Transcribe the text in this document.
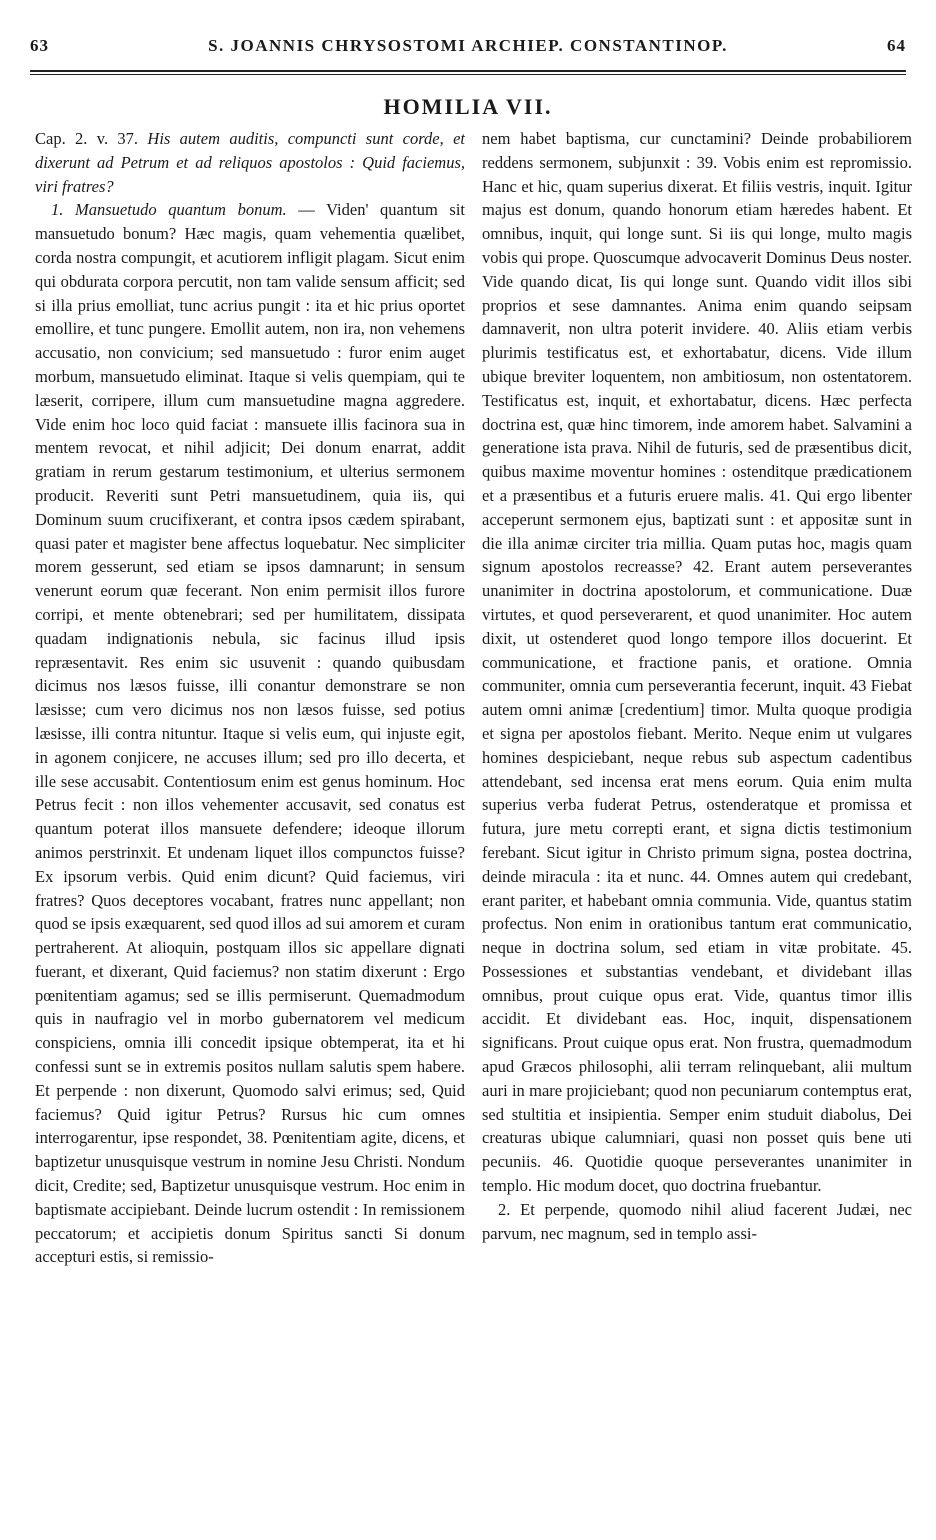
63	S. JOANNIS CHRYSOSTOMI ARCHIEP. CONSTANTINOP.	64
HOMILIA VII.

Cap. 2. v. 37. His autem auditis, compuncti sunt corde, et dixerunt ad Petrum et ad reliquos apostolos : Quid faciemus, viri fratres?

1. Mansuetudo quantum bonum. — Viden' quantum sit mansuetudo bonum? Hæc magis, quam vehementia quælibet, corda nostra compungit, et acutiorem infligit plagam. Sicut enim qui obdurata corpora percutit, non tam valide sensum afficit; sed si illa prius emolliat, tunc acrius pungit : ita et hic prius oportet emollire, et tunc pungere. Emollit autem, non ira, non vehemens accusatio, non convicium; sed mansuetudo : furor enim auget morbum, mansuetudo eliminat. Itaque si velis quempiam, qui te læserit, corripere, illum cum mansuetudine magna aggredere. Vide enim hoc loco quid faciat : mansuete illis facinora sua in mentem revocat, et nihil adjicit; Dei donum enarrat, addit gratiam in rerum gestarum testimonium, et ulterius sermonem producit. Reveriti sunt Petri mansuetudinem, quia iis, qui Dominum suum crucifixerant, et contra ipsos cædem spirabant, quasi pater et magister bene affectus loquebatur. Nec simpliciter morem gesserunt, sed etiam se ipsos damnarunt; in sensum venerunt eorum quæ fecerant. Non enim permisit illos furore corripi, et mente obtenebrari; sed per humilitatem, dissipata quadam indignationis nebula, sic facinus illud ipsis repræsentavit. Res enim sic usuvenit : quando quibusdam dicimus nos læsos fuisse, illi conantur demonstrare se non læsisse; cum vero dicimus nos non læsos fuisse, sed potius læsisse, illi contra nituntur. Itaque si velis eum, qui injuste egit, in agonem conjicere, ne accuses illum; sed pro illo decerta, et ille sese accusabit. Contentiosum enim est genus hominum. Hoc Petrus fecit : non illos vehementer accusavit, sed conatus est quantum poterat illos mansuete defendere; ideoque illorum animos perstrinxit. Et undenam liquet illos compunctos fuisse? Ex ipsorum verbis. Quid enim dicunt? Quid faciemus, viri fratres? Quos deceptores vocabant, fratres nunc appellant; non quod se ipsis exæquarent, sed quod illos ad sui amorem et curam pertraherent. At alioquin, postquam illos sic appellare dignati fuerant, et dixerant, Quid faciemus? non statim dixerunt : Ergo pœnitentiam agamus; sed se illis permiserunt. Quemadmodum quis in naufragio vel in morbo gubernatorem vel medicum conspiciens, omnia illi concedit ipsique obtemperat, ita et hi confessi sunt se in extremis positos nullam salutis spem habere. Et perpende : non dixerunt, Quomodo salvi erimus; sed, Quid faciemus? Quid igitur Petrus? Rursus hic cum omnes interrogarentur, ipse respondet, 38. Pœnitentiam agite, dicens, et baptizetur unusquisque vestrum in nomine Jesu Christi. Nondum dicit, Credite; sed, Baptizetur unusquisque vestrum. Hoc enim in baptismate accipiebant. Deinde lucrum ostendit : In remissionem peccatorum; et accipietis donum Spiritus sancti Si donum accepturi estis, si remissio-

nem habet baptisma, cur cunctamini? Deinde probabiliorem reddens sermonem, subjunxit : 39. Vobis enim est repromissio. Hanc et hic, quam superius dixerat. Et filiis vestris, inquit. Igitur majus est donum, quando honorum etiam hæredes habent. Et omnibus, inquit, qui longe sunt. Si iis qui longe, multo magis vobis qui prope. Quoscumque advocaverit Dominus Deus noster. Vide quando dicat, Iis qui longe sunt. Quando vidit illos sibi proprios et sese damnantes. Anima enim quando seipsam damnaverit, non ultra poterit invidere. 40. Aliis etiam verbis plurimis testificatus est, et exhortabatur, dicens. Vide illum ubique breviter loquentem, non ambitiosum, non ostentatorem. Testificatus est, inquit, et exhortabatur, dicens. Hæc perfecta doctrina est, quæ hinc timorem, inde amorem habet. Salvamini a generatione ista prava. Nihil de futuris, sed de præsentibus dicit, quibus maxime moventur homines : ostenditque prædicationem et a præsentibus et a futuris eruere malis. 41. Qui ergo libenter acceperunt sermonem ejus, baptizati sunt : et appositæ sunt in die illa animæ circiter tria millia. Quam putas hoc, magis quam signum apostolos recreasse? 42. Erant autem perseverantes unanimiter in doctrina apostolorum, et communicatione. Duæ virtutes, et quod perseverarent, et quod unanimiter. Hoc autem dixit, ut ostenderet quod longo tempore illos docuerint. Et communicatione, et fractione panis, et oratione. Omnia communiter, omnia cum perseverantia fecerunt, inquit. 43 Fiebat autem omni animæ [credentium] timor. Multa quoque prodigia et signa per apostolos fiebant. Merito. Neque enim ut vulgares homines despiciebant, neque rebus sub aspectum cadentibus attendebant, sed incensa erat mens eorum. Quia enim multa superius verba fuderat Petrus, ostenderatque et promissa et futura, jure metu correpti erant, et signa dictis testimonium ferebant. Sicut igitur in Christo primum signa, postea doctrina, deinde miracula : ita et nunc. 44. Omnes autem qui credebant, erant pariter, et habebant omnia communia. Vide, quantus statim profectus. Non enim in orationibus tantum erat communicatio, neque in doctrina solum, sed etiam in vitæ probitate. 45. Possessiones et substantias vendebant, et dividebant illas omnibus, prout cuique opus erat. Vide, quantus timor illis accidit. Et dividebant eas. Hoc, inquit, dispensationem significans. Prout cuique opus erat. Non frustra, quemadmodum apud Græcos philosophi, alii terram relinquebant, alii multum auri in mare projiciebant; quod non pecuniarum contemptus erat, sed stultitia et insipientia. Semper enim studuit diabolus, Dei creaturas ubique calumniari, quasi non posset quis bene uti pecuniis. 46. Quotidie quoque perseverantes unanimiter in templo. Hic modum docet, quo doctrina fruebantur.

2. Et perpende, quomodo nihil aliud facerent Judæi, nec parvum, nec magnum, sed in templo assi-
